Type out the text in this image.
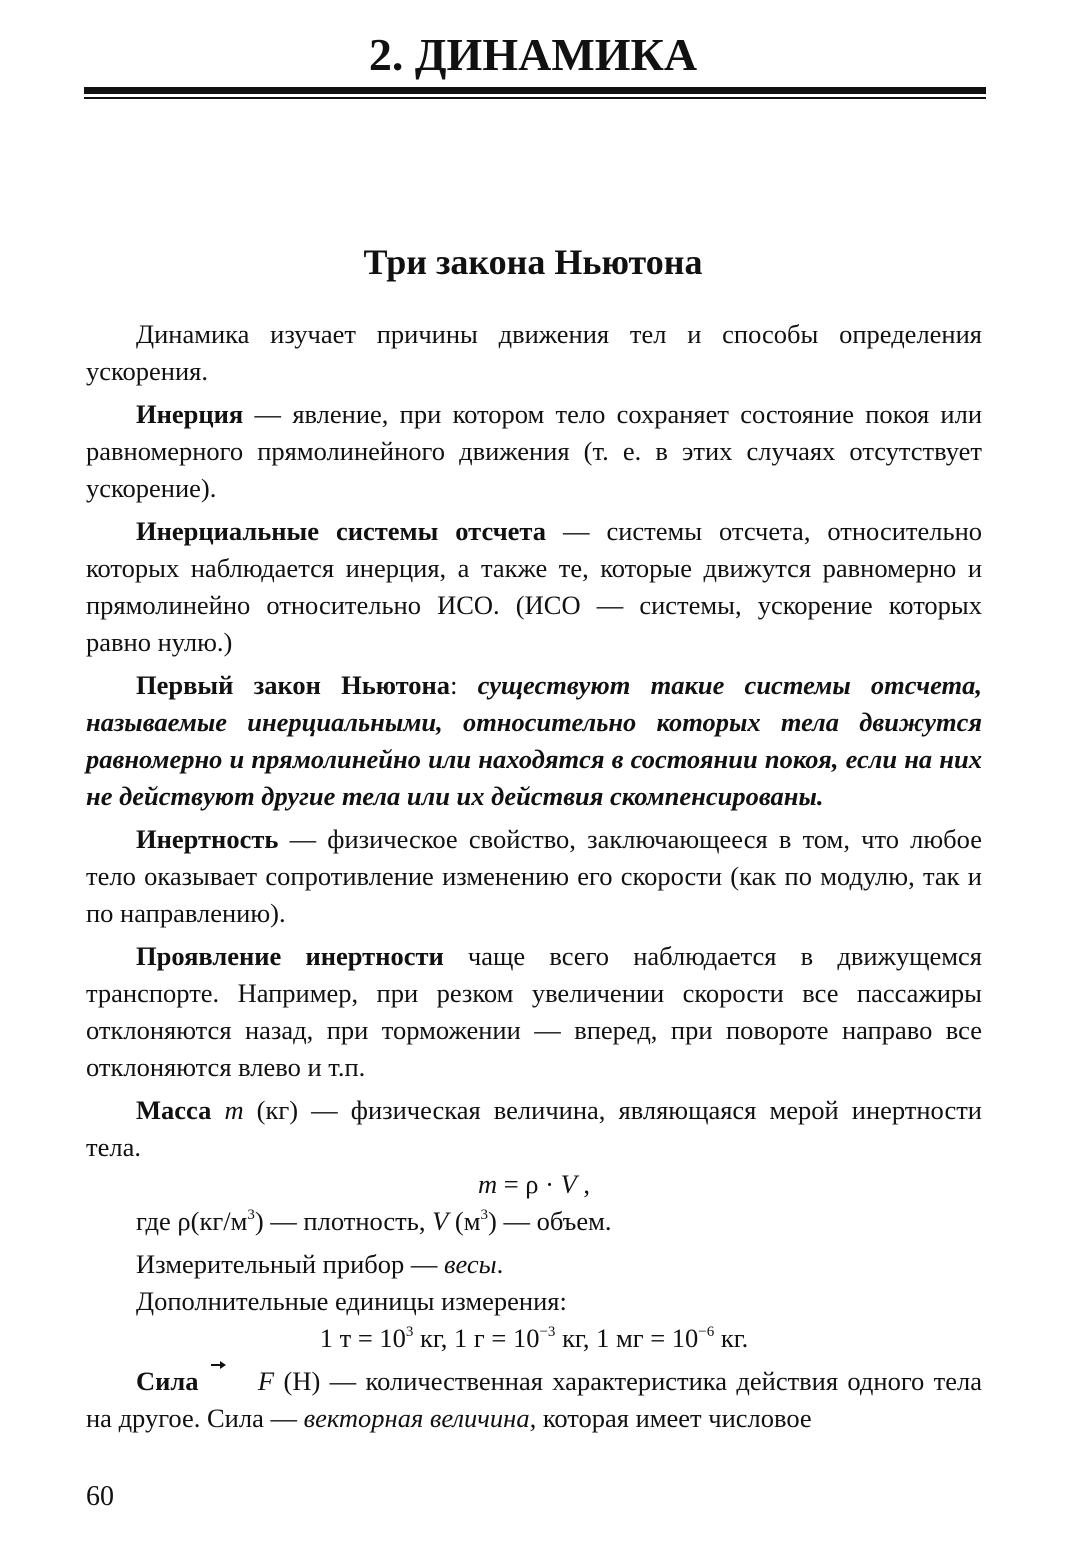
2. ДИНАМИКА
Три закона Ньютона

Динамика изучает причины движения тел и способы определения ускорения.

Инерция — явление, при котором тело сохраняет состояние покоя или равномерного прямолинейного движения (т. е. в этих случаях отсутствует ускорение).

Инерциальные системы отсчета — системы отсчета, относительно которых наблюдается инерция, а также те, которые движутся равномерно и прямолинейно относительно ИСО. (ИСО — системы, ускорение которых равно нулю.)

Первый закон Ньютона: существуют такие системы отсчета, называемые инерциальными, относительно которых тела движутся равномерно и прямолинейно или находятся в состоянии покоя, если на них не действуют другие тела или их действия скомпенсированы.

Инертность — физическое свойство, заключающееся в том, что любое тело оказывает сопротивление изменению его скорости (как по модулю, так и по направлению).

Проявление инертности чаще всего наблюдается в движущемся транспорте. Например, при резком увеличении скорости все пассажиры отклоняются назад, при торможении — вперед, при повороте направо все отклоняются влево и т.п.

Масса m (кг) — физическая величина, являющаяся мерой инертности тела.

m = ρ · V ,

где $\rho(кг/м^3)$ — плотность, V $(м^3)$ — объем.

Измерительный прибор — весы.

Дополнительные единицы измерения:

1 $т = 10^3$ кг, 1 $г = 10^{-3}$ кг, 1 мг = $10^{-6}$ кг.

Сила F (Н) — количественная характеристика действия одного тела на другое. Сила — векторная величина, которая имеет числовое

60
